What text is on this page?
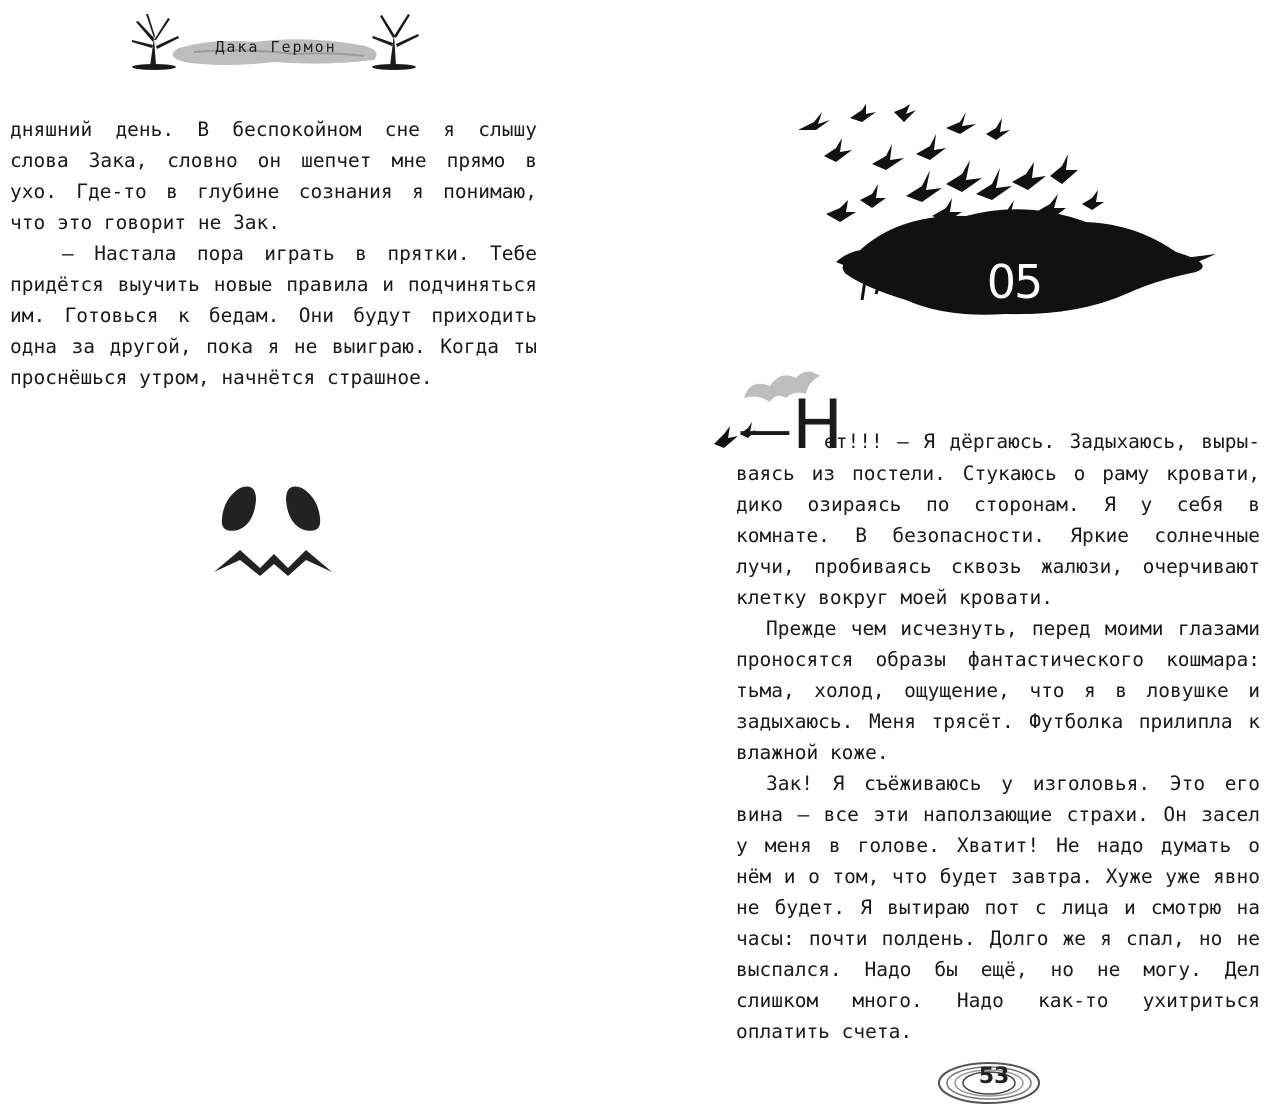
Дака Гермон

дняшний день. В беспокойном сне я слышу слова Зака, словно он шепчет мне прямо в ухо. Где-то в глубине сознания я понимаю, что это говорит не Зак.

— Настала пора играть в прятки. Тебе придётся выучить новые правила и подчиняться им. Готовься к бедам. Они будут приходить одна за другой, пока я не выиграю. Когда ты проснёшься утром, начнётся страшное.

05
—Н
ет!!! — Я дёргаюсь. Задыхаюсь, выры-

ваясь из постели. Стукаюсь о раму кровати, дико озираясь по сторонам. Я у себя в комнате. В безопасности. Яркие солнечные лучи, пробиваясь сквозь жалюзи, очерчивают клетку вокруг моей кровати.

Прежде чем исчезнуть, перед моими глазами проносятся образы фантастического кошмара: тьма, холод, ощущение, что я в ловушке и задыхаюсь. Меня трясёт. Футболка прилипла к влажной коже.

Зак! Я съёживаюсь у изголовья. Это его вина — все эти наползающие страхи. Он засел у меня в голове. Хватит! Не надо думать о нём и о том, что будет завтра. Хуже уже явно не будет. Я вытираю пот с лица и смотрю на часы: почти полдень. Долго же я спал, но не выспался. Надо бы ещё, но не могу. Дел слишком много. Надо как-то ухитриться оплатить счета.

53
